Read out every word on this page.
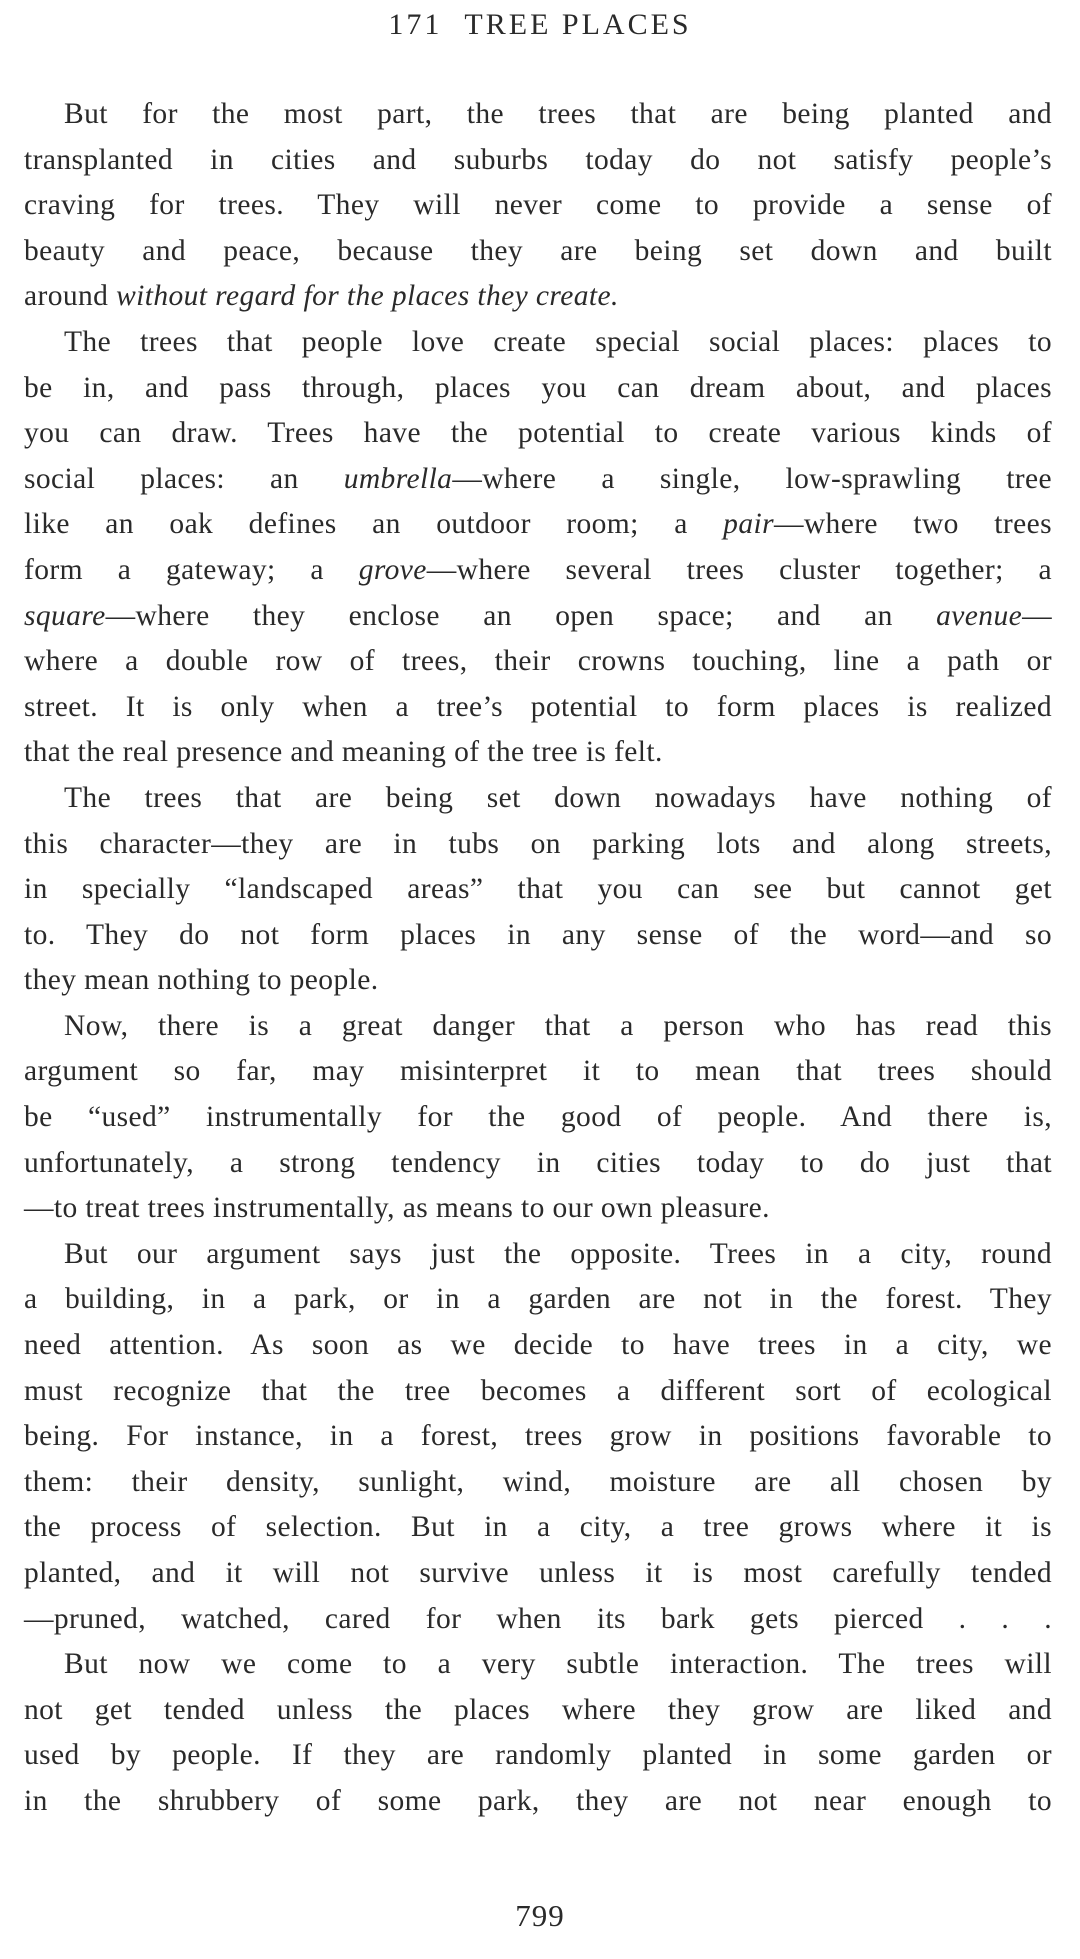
171 TREE PLACES
But for the most part, the trees that are being planted and
transplanted in cities and suburbs today do not satisfy people’s
craving for trees. They will never come to provide a sense of
beauty and peace, because they are being set down and built
around without regard for the places they create.
The trees that people love create special social places: places to
be in, and pass through, places you can dream about, and places
you can draw. Trees have the potential to create various kinds of
social places: an umbrella—where a single, low-sprawling tree
like an oak defines an outdoor room; a pair—where two trees
form a gateway; a grove—where several trees cluster together; a
square—where they enclose an open space; and an avenue—
where a double row of trees, their crowns touching, line a path or
street. It is only when a tree’s potential to form places is realized
that the real presence and meaning of the tree is felt.
The trees that are being set down nowadays have nothing of
this character—they are in tubs on parking lots and along streets,
in specially “landscaped areas” that you can see but cannot get
to. They do not form places in any sense of the word—and so
they mean nothing to people.
Now, there is a great danger that a person who has read this
argument so far, may misinterpret it to mean that trees should
be “used” instrumentally for the good of people. And there is,
unfortunately, a strong tendency in cities today to do just that
—to treat trees instrumentally, as means to our own pleasure.
But our argument says just the opposite. Trees in a city, round
a building, in a park, or in a garden are not in the forest. They
need attention. As soon as we decide to have trees in a city, we
must recognize that the tree becomes a different sort of ecological
being. For instance, in a forest, trees grow in positions favorable to
them: their density, sunlight, wind, moisture are all chosen by
the process of selection. But in a city, a tree grows where it is
planted, and it will not survive unless it is most carefully tended
—pruned, watched, cared for when its bark gets pierced . . .
But now we come to a very subtle interaction. The trees will
not get tended unless the places where they grow are liked and
used by people. If they are randomly planted in some garden or
in the shrubbery of some park, they are not near enough to
799
